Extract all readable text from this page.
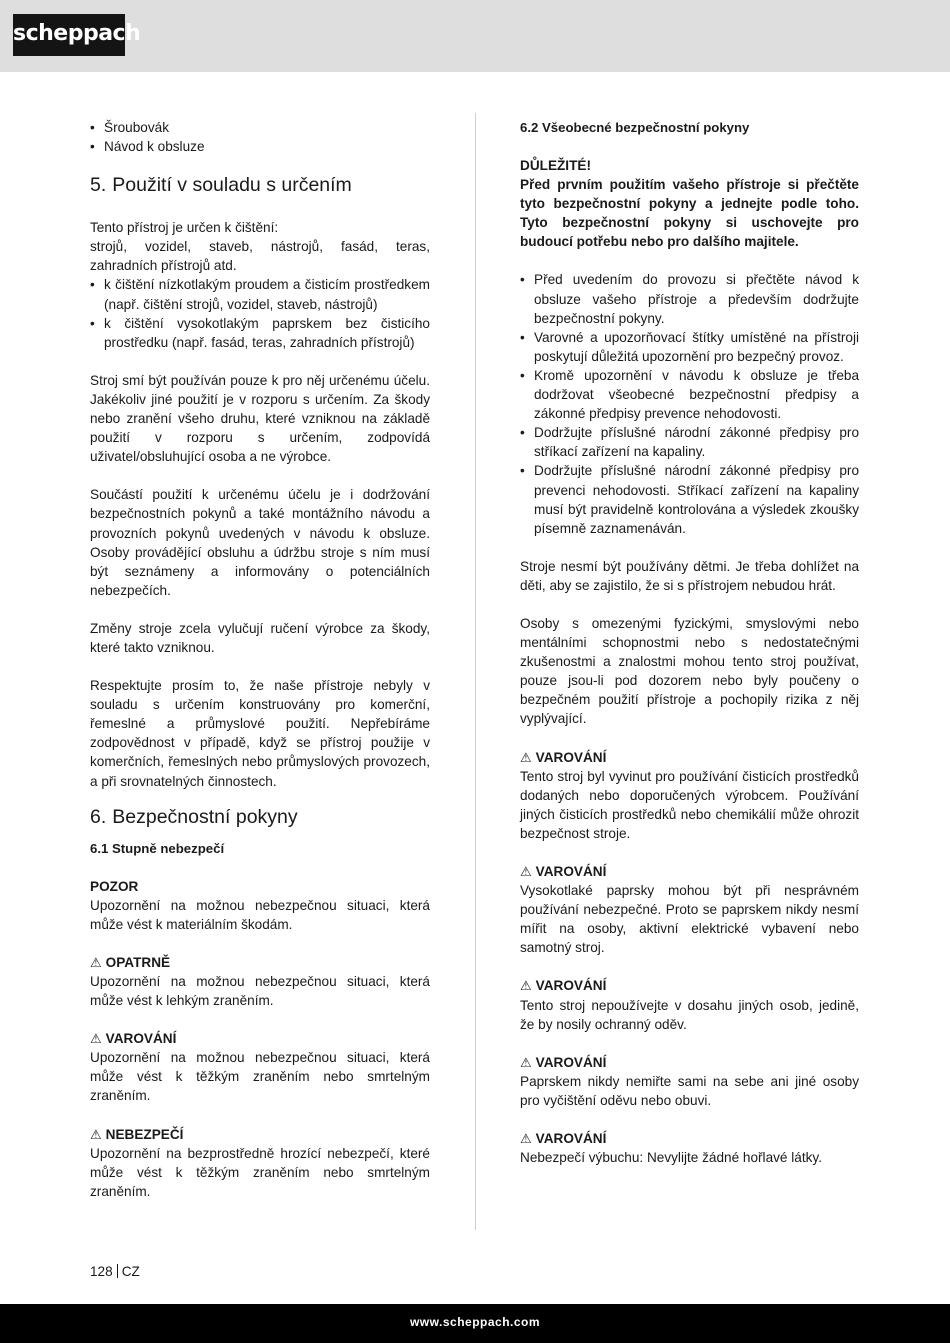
scheppach
• Šroubovák
• Návod k obsluze
5. Použití v souladu s určením

Tento přístroj je určen k čištění:

strojů, vozidel, staveb, nástrojů, fasád, teras, zahradních přístrojů atd.

• k čištění nízkotlakým proudem a čisticím prostředkem (např. čištění strojů, vozidel, staveb, nástrojů)
• k čištění vysokotlakým paprskem bez čisticího prostředku (např. fasád, teras, zahradních přístrojů)

Stroj smí být používán pouze k pro něj určenému účelu. Jakékoliv jiné použití je v rozporu s určením. Za škody nebo zranění všeho druhu, které vzniknou na základě použití v rozporu s určením, zodpovídá uživatel/obsluhující osoba a ne výrobce.

Součástí použití k určenému účelu je i dodržování bezpečnostních pokynů a také montážního návodu a provozních pokynů uvedených v návodu k obsluze. Osoby provádějící obsluhu a údržbu stroje s ním musí být seznámeny a informovány o potenciálních nebezpečích.

Změny stroje zcela vylučují ručení výrobce za škody, které takto vzniknou.

Respektujte prosím to, že naše přístroje nebyly v souladu s určením konstruovány pro komerční, řemeslné a průmyslové použití. Nepřebíráme zodpovědnost v případě, když se přístroj použije v komerčních, řemeslných nebo průmyslových provozech, a při srovnatelných činnostech.

6. Bezpečnostní pokyny
6.1 Stupně nebezpečí
POZOR

Upozornění na možnou nebezpečnou situaci, která může vést k materiálním škodám.

⚠ OPATRNĚ

Upozornění na možnou nebezpečnou situaci, která může vést k lehkým zraněním.

⚠ VAROVÁNÍ

Upozornění na možnou nebezpečnou situaci, která může vést k těžkým zraněním nebo smrtelným zraněním.

⚠ NEBEZPEČÍ

Upozornění na bezprostředně hrozící nebezpečí, které může vést k těžkým zraněním nebo smrtelným zraněním.

6.2 Všeobecné bezpečnostní pokyny
DŮLEŽITÉ!

Před prvním použitím vašeho přístroje si přečtěte tyto bezpečnostní pokyny a jednejte podle toho. Tyto bezpečnostní pokyny si uschovejte pro budoucí potřebu nebo pro dalšího majitele.

• Před uvedením do provozu si přečtěte návod k obsluze vašeho přístroje a především dodržujte bezpečnostní pokyny.
• Varovné a upozorňovací štítky umístěné na přístroji poskytují důležitá upozornění pro bezpečný provoz.
• Kromě upozornění v návodu k obsluze je třeba dodržovat všeobecné bezpečnostní předpisy a zákonné předpisy prevence nehodovosti.
• Dodržujte příslušné národní zákonné předpisy pro stříkací zařízení na kapaliny.
• Dodržujte příslušné národní zákonné předpisy pro prevenci nehodovosti. Stříkací zařízení na kapaliny musí být pravidelně kontrolována a výsledek zkoušky písemně zaznamenáván.

Stroje nesmí být používány dětmi. Je třeba dohlížet na děti, aby se zajistilo, že si s přístrojem nebudou hrát.

Osoby s omezenými fyzickými, smyslovými nebo mentálními schopnostmi nebo s nedostatečnými zkušenostmi a znalostmi mohou tento stroj používat, pouze jsou-li pod dozorem nebo byly poučeny o bezpečném použití přístroje a pochopily rizika z něj vyplývající.

⚠ VAROVÁNÍ

Tento stroj byl vyvinut pro používání čisticích prostředků dodaných nebo doporučených výrobcem. Používání jiných čisticích prostředků nebo chemikálií může ohrozit bezpečnost stroje.

⚠ VAROVÁNÍ

Vysokotlaké paprsky mohou být při nesprávném používání nebezpečné. Proto se paprskem nikdy nesmí mířit na osoby, aktivní elektrické vybavení nebo samotný stroj.

⚠ VAROVÁNÍ

Tento stroj nepoužívejte v dosahu jiných osob, jedině, že by nosily ochranný oděv.

⚠ VAROVÁNÍ

Paprskem nikdy nemiřte sami na sebe ani jiné osoby pro vyčištění oděvu nebo obuvi.

⚠ VAROVÁNÍ

Nebezpečí výbuchu: Nevylijte žádné hořlavé látky.

128 CZ
www.scheppach.com
